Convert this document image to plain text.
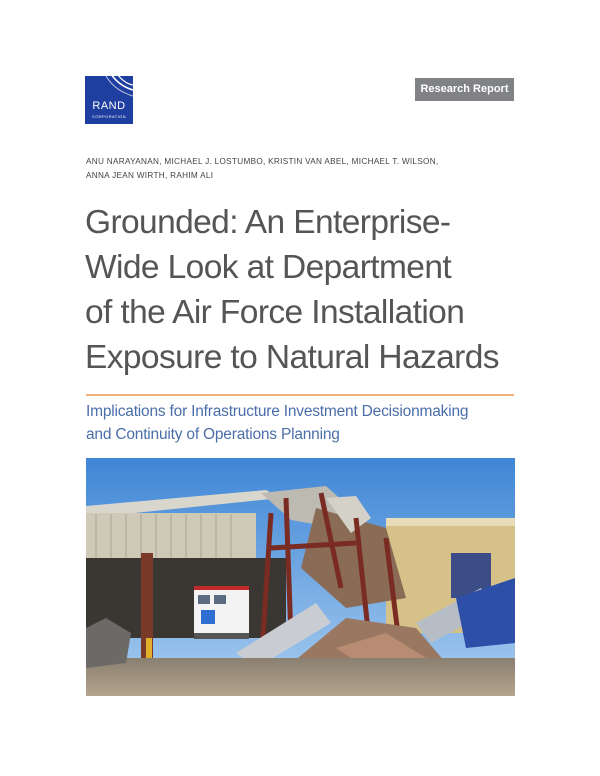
RAND
CORPORATION
Research Report
ANU NARAYANAN, MICHAEL J. LOSTUMBO, KRISTIN VAN ABEL, MICHAEL T. WILSON,
ANNA JEAN WIRTH, RAHIM ALI
Grounded: An Enterprise-
Wide Look at Department
of the Air Force Installation
Exposure to Natural Hazards
Implications for Infrastructure Investment Decisionmaking
and Continuity of Operations Planning
